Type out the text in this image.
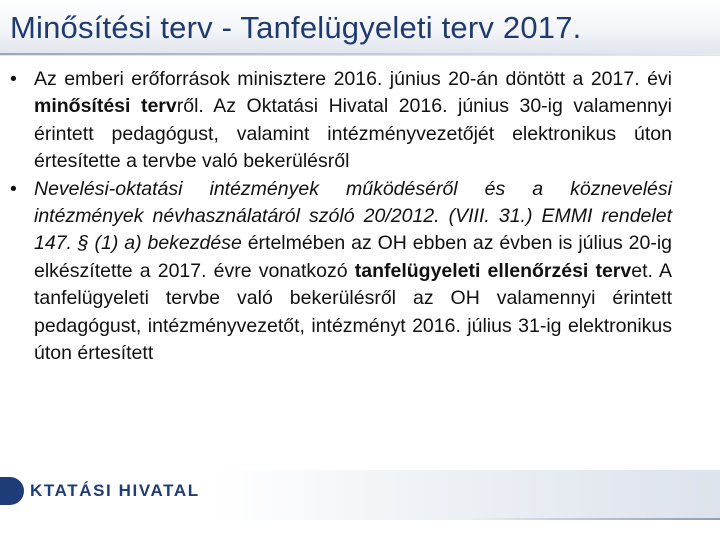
Minősítési terv - Tanfelügyeleti terv 2017.
• Az emberi erőforrások minisztere 2016. június 20-án döntött a 2017. évi minősítési tervről. Az Oktatási Hivatal 2016. június 30-ig valamennyi érintett pedagógust, valamint intézményvezetőjét elektronikus úton értesítette a tervbe való bekerülésről
• Nevelési-oktatási intézmények működéséről és a köznevelési intézmények névhasználatáról szóló 20/2012. (VIII. 31.) EMMI rendelet 147. § (1) a) bekezdése értelmében az OH ebben az évben is július 20-ig elkészítette a 2017. évre vonatkozó tanfelügyeleti ellenőrzési tervet. A tanfelügyeleti tervbe való bekerülésről az OH valamennyi érintett pedagógust, intézményvezetőt, intézményt 2016. július 31-ig elektronikus úton értesített
KTATÁSI HIVATAL
